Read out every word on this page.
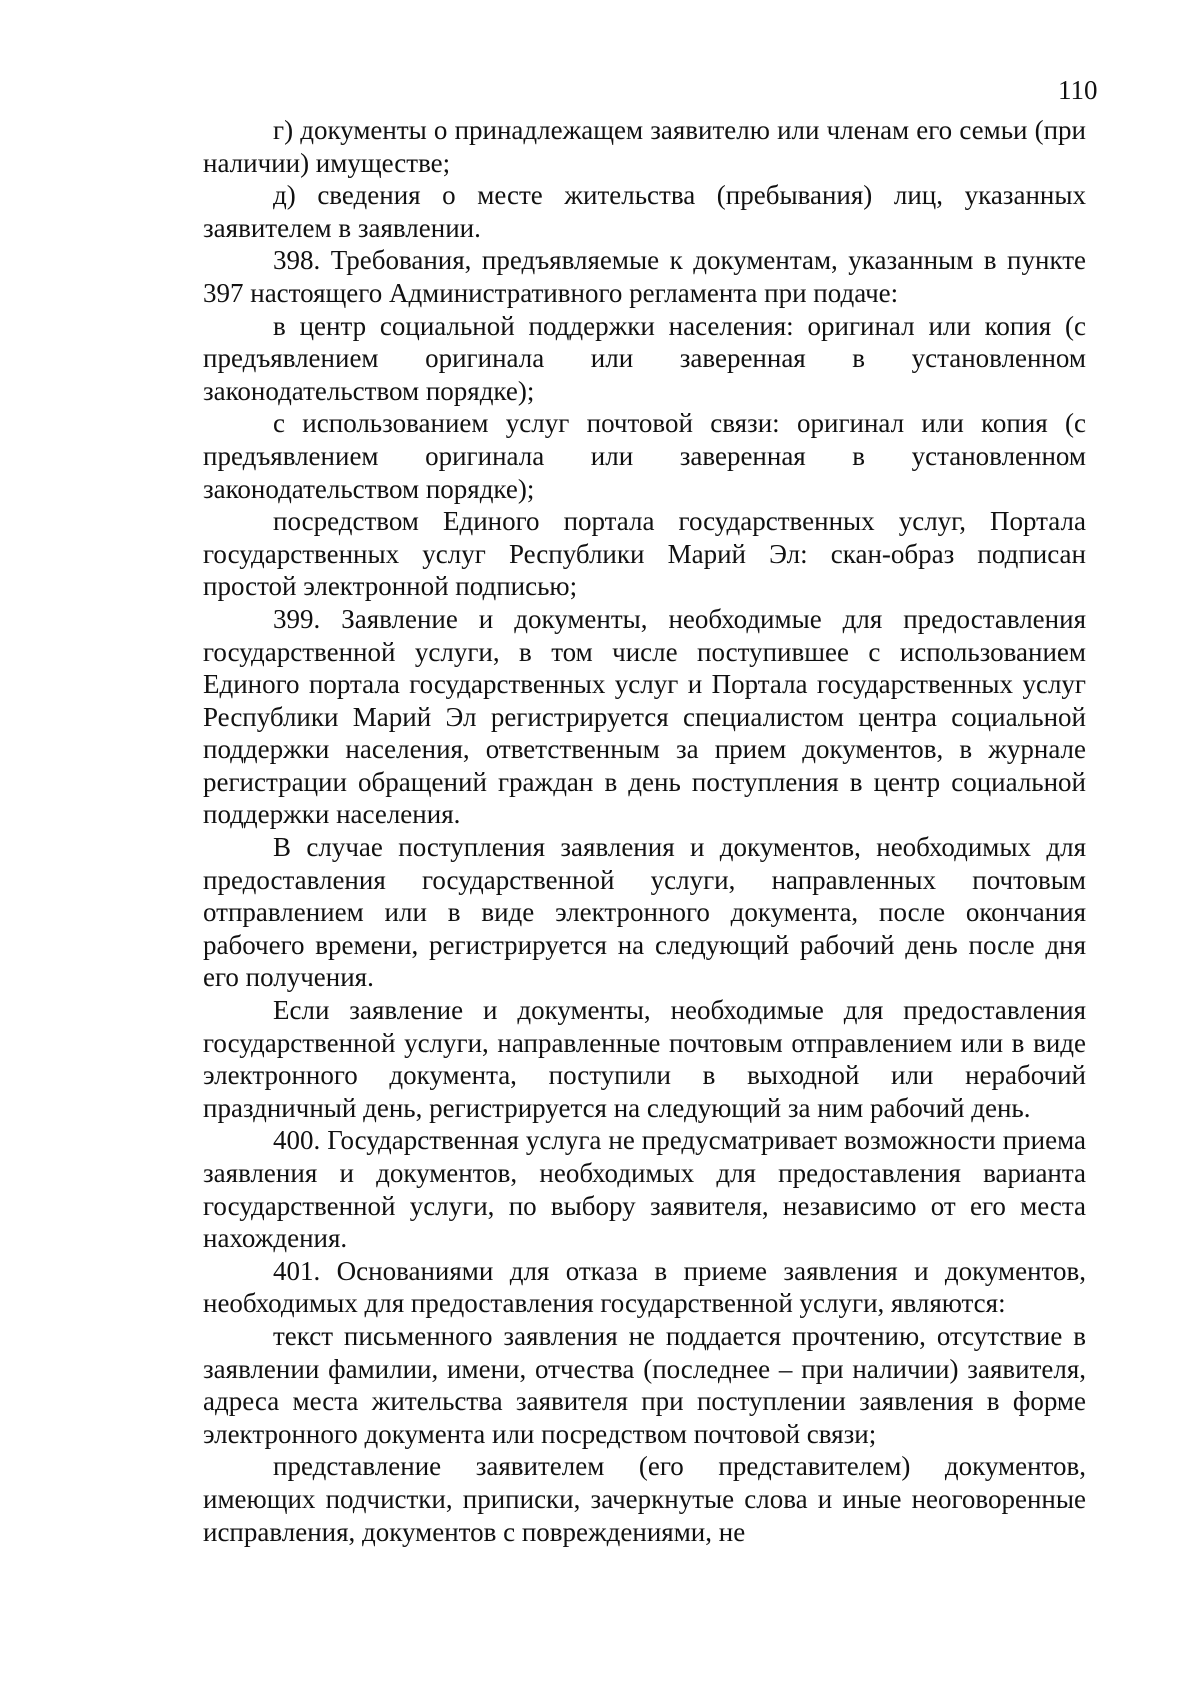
110

г) документы о принадлежащем заявителю или членам его семьи (при наличии) имуществе;

д) сведения о месте жительства (пребывания) лиц, указанных заявителем в заявлении.

398. Требования, предъявляемые к документам, указанным в пункте 397 настоящего Административного регламента при подаче:

в центр социальной поддержки населения: оригинал или копия (с предъявлением оригинала или заверенная в установленном законодательством порядке);

с использованием услуг почтовой связи: оригинал или копия (с предъявлением оригинала или заверенная в установленном законодательством порядке);

посредством Единого портала государственных услуг, Портала государственных услуг Республики Марий Эл: скан-образ подписан простой электронной подписью;

399. Заявление и документы, необходимые для предоставления государственной услуги, в том числе поступившее с использованием Единого портала государственных услуг и Портала государственных услуг Республики Марий Эл регистрируется специалистом центра социальной поддержки населения, ответственным за прием документов, в журнале регистрации обращений граждан в день поступления в центр социальной поддержки населения.

В случае поступления заявления и документов, необходимых для предоставления государственной услуги, направленных почтовым отправлением или в виде электронного документа, после окончания рабочего времени, регистрируется на следующий рабочий день после дня его получения.

Если заявление и документы, необходимые для предоставления государственной услуги, направленные почтовым отправлением или в виде электронного документа, поступили в выходной или нерабочий праздничный день, регистрируется на следующий за ним рабочий день.

400. Государственная услуга не предусматривает возможности приема заявления и документов, необходимых для предоставления варианта государственной услуги, по выбору заявителя, независимо от его места нахождения.

401. Основаниями для отказа в приеме заявления и документов, необходимых для предоставления государственной услуги, являются:

текст письменного заявления не поддается прочтению, отсутствие в заявлении фамилии, имени, отчества (последнее – при наличии) заявителя, адреса места жительства заявителя при поступлении заявления в форме электронного документа или посредством почтовой связи;

представление заявителем (его представителем) документов, имеющих подчистки, приписки, зачеркнутые слова и иные неоговоренные исправления, документов с повреждениями, не
